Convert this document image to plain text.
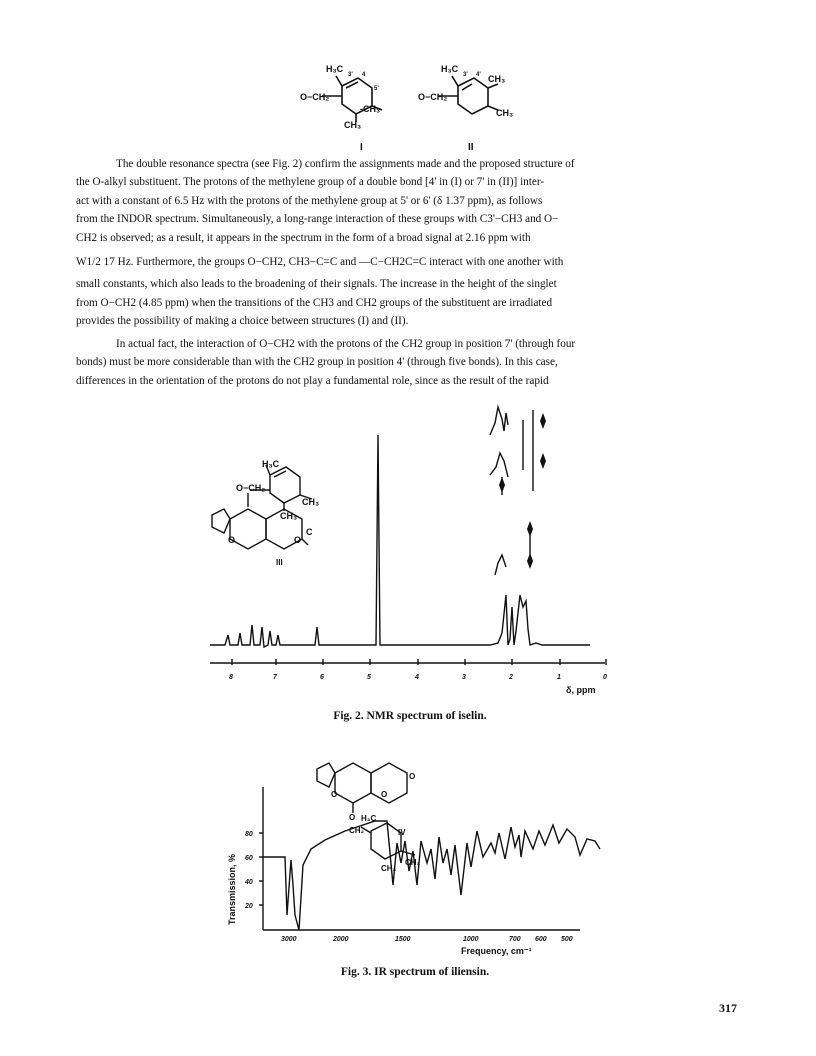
H₃C
3' 4
5'
O−CH₂
-CH₃
CH₃
H₃C
3' 4' CH₃
O−CH₂
CH₃
I	II
The double resonance spectra (see Fig. 2) confirm the assignments made and the proposed structure of
the O-alkyl substituent. The protons of the methylene group of a double bond [4' in (I) or 7' in (II)] inter-
act with a constant of 6.5 Hz with the protons of the methylene group at 5' or 6' (δ 1.37 ppm), as follows
from the INDOR spectrum. Simultaneously, a long-range interaction of these groups with C3'−CH3 and O−
CH2 is observed; as a result, it appears in the spectrum in the form of a broad signal at 2.16 ppm with
W1/2 17 Hz. Furthermore, the groups O−CH2, CH3−C=C and —C−CH2C=C interact with one another with
small constants, which also leads to the broadening of their signals. The increase in the height of the singlet
from O−CH2 (4.85 ppm) when the transitions of the CH3 and CH2 groups of the substituent are irradiated
provides the possibility of making a choice between structures (I) and (II).
In actual fact, the interaction of O−CH2 with the protons of the CH2 group in position 7' (through four
bonds) must be more considerable than with the CH2 group in position 4' (through five bonds). In this case,
differences in the orientation of the protons do not play a fundamental role, since as the result of the rapid
H₃C
O−CH₂
CH₃
CH₃
O	O
C
III
8	7	6	5	4	3	2	1	0
δ, ppm
Fig. 2. NMR spectrum of iselin.
O	O
O
O H₃C
CH₂
CH₃
CH₃
IV
80
60
40
20
3000	2000	1500	1000	700 600 500
Frequency, cm⁻¹
Transmission, %
Fig. 3. IR spectrum of iliensin.
317
